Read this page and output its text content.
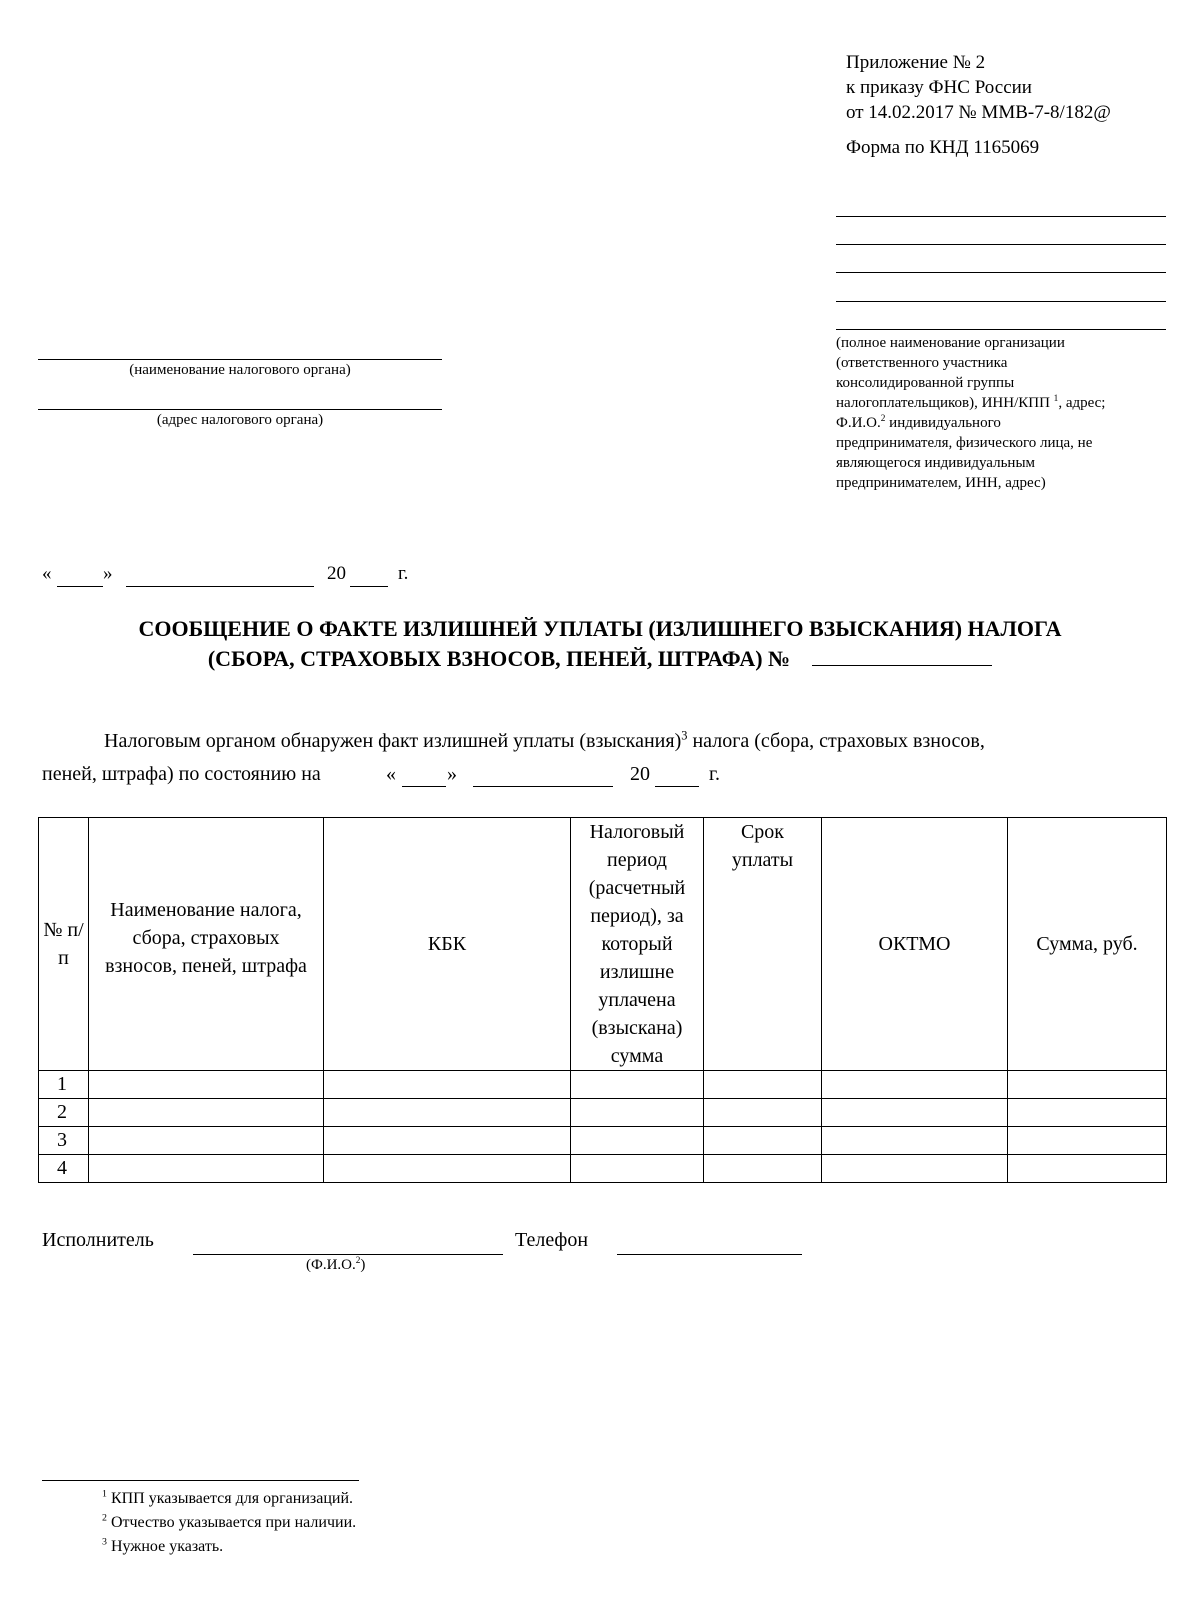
Приложение № 2
к приказу ФНС России
от 14.02.2017 № ММВ-7-8/182@
Форма по КНД 1165069
(полное наименование организации
(ответственного участника
консолидированной группы
налогоплательщиков), ИНН/КПП $^1$, адрес;
Ф.И.О.$^2$ индивидуального
предпринимателя, физического лица, не
являющегося индивидуальным
предпринимателем, ИНН, адрес)
(наименование налогового органа)
(адрес налогового органа)
«	»	20	г.
СООБЩЕНИЕ О ФАКТЕ ИЗЛИШНЕЙ УПЛАТЫ (ИЗЛИШНЕГО ВЗЫСКАНИЯ) НАЛОГА
(СБОРА, СТРАХОВЫХ ВЗНОСОВ, ПЕНЕЙ, ШТРАФА) №
Налоговым органом обнаружен факт излишней уплаты (взыскания)$^3$ налога (сбора, страховых взносов,
пеней, штрафа) по состоянию на	«	»	20	г.
№ п/п	Наименование налога, сбора, страховых взносов, пеней, штрафа	КБК	Налоговый период (расчетный период), за который излишне уплачена (взыскана) сумма	Срок уплаты	ОКТМО	Сумма, руб.
1						
2						
3						
4						
Исполнитель
(Ф.И.О.$^2$)
Телефон
$^1$ КПП указывается для организаций.
$^2$ Отчество указывается при наличии.
$^3$ Нужное указать.
